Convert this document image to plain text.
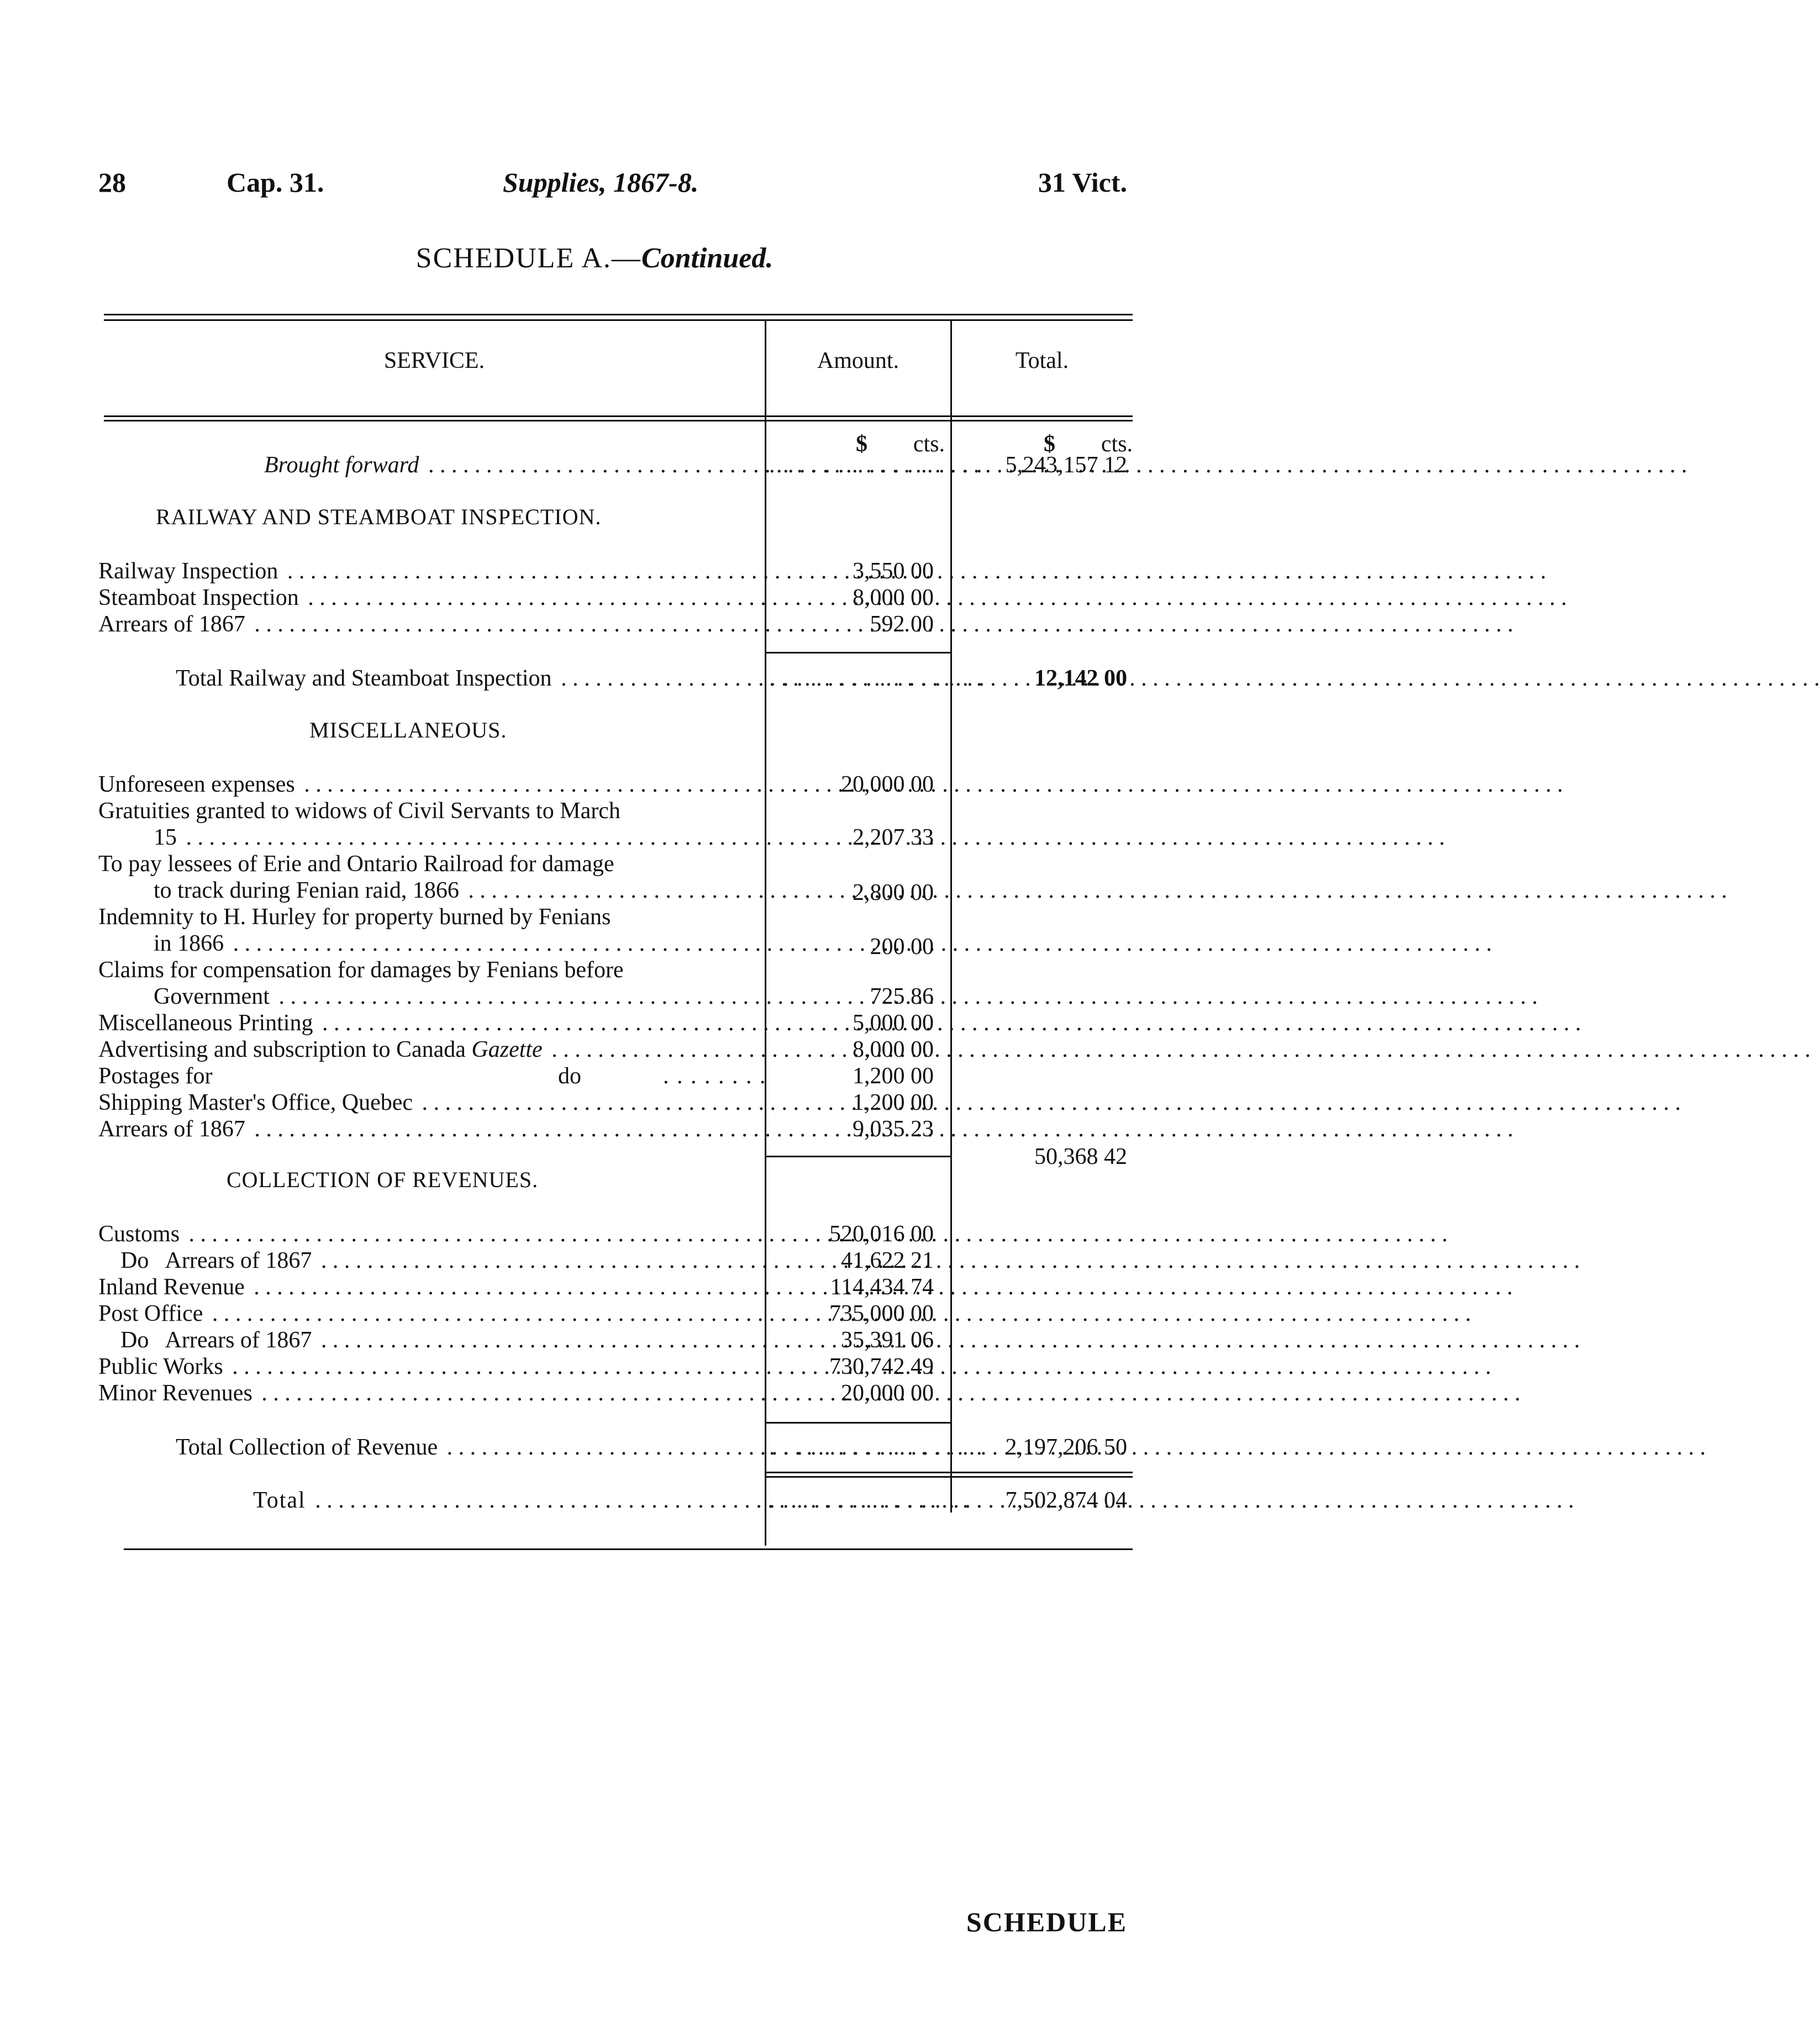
28	Cap. 31.	Supplies, 1867-8.	31 Vict.
SCHEDULE A.—Continued.
SERVICE.	Amount.	Total.
$	cts.	$	cts.
Brought forward . . .	. . . . . . . . . . . . . . . . 5,243,157 12
RAILWAY AND STEAMBOAT INSPECTION.
Railway Inspection . . .	3,550 00
Steamboat Inspection . . .	8,000 00
Arrears of 1867 . . .	592 00
Total Railway and Steamboat Inspection . . .	. . . . . . . . . . . . . . . .	12,142 00
MISCELLANEOUS.
Unforeseen expenses . . .	20,000 00
Gratuities granted to widows of Civil Servants to March
15 . . .	2,207 33
To pay lessees of Erie and Ontario Railroad for damage
to track during Fenian raid, 1866 . . .	2,800 00
Indemnity to H. Hurley for property burned by Fenians
in 1866 . . .	200 00
Claims for compensation for damages by Fenians before
Government . . .	725 86
Miscellaneous Printing . . .	5,000 00
Advertising and subscription to Canada Gazette . . .	8,000 00
Postages for	do	. . . . . . . .	1,200 00
Shipping Master's Office, Quebec . . .	1,200 00
Arrears of 1867 . . .	9,035 23
50,368 42
COLLECTION OF REVENUES.
Customs . . .	520,016 00
Do   Arrears of 1867 . . .	41,622 21
Inland Revenue . . .	114,434 74
Post Office . . .	735,000 00
Do   Arrears of 1867 . . .	35,391 06
Public Works . . .	730,742 49
Minor Revenues . . .	20,000 00
Total Collection of Revenue . . .	. . . . . . . . . . . . . . . . 2,197,206 50
Total . . .	. . . . . . . . . . . . . . . . 7,502,874 04
SCHEDULE
